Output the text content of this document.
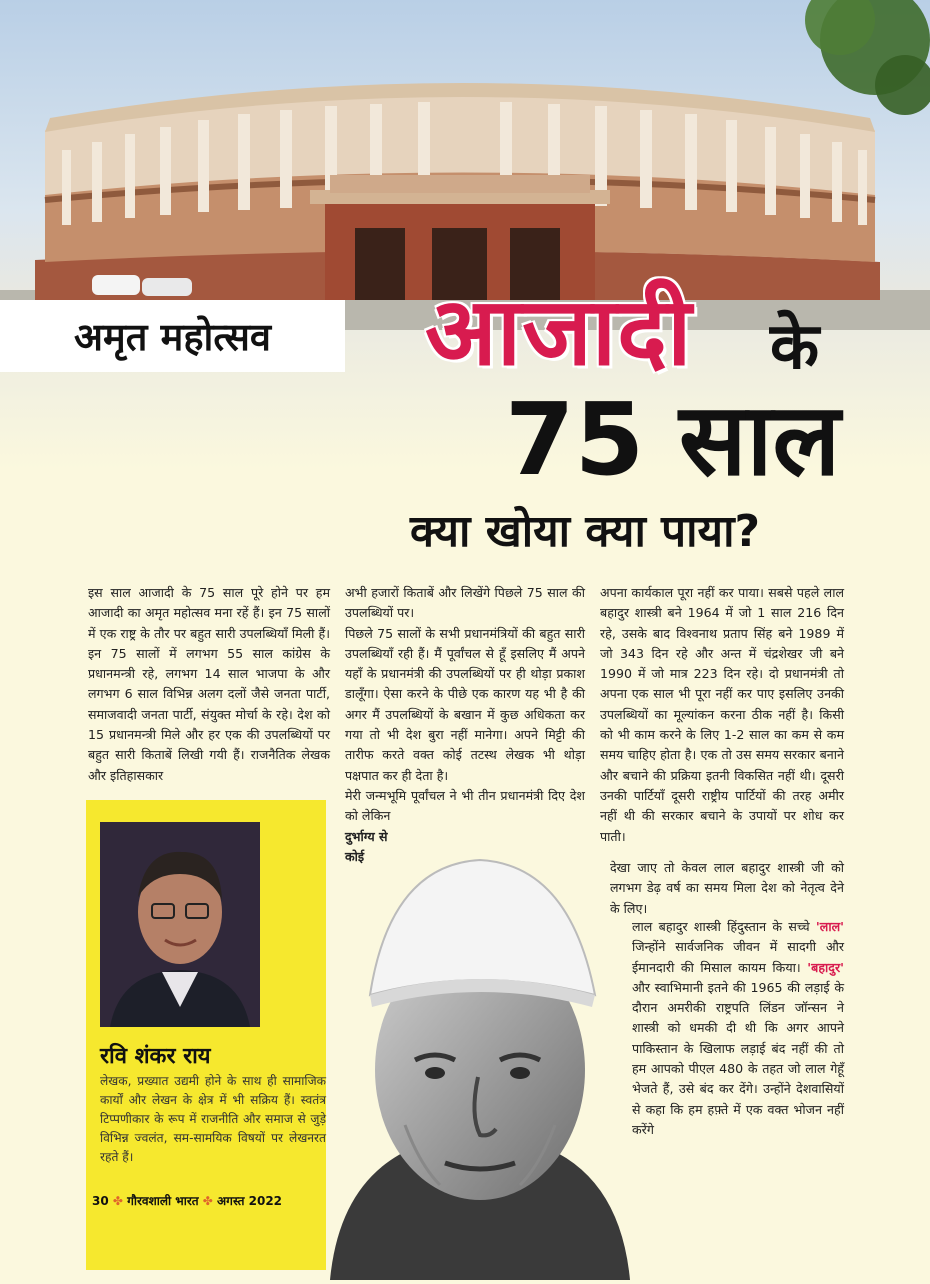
अमृत महोत्सव आजादी के
75 साल
क्या खोया क्या पाया?

इस साल आजादी के 75 साल पूरे होने पर हम आजादी का अमृत महोत्सव मना रहें हैं। इन 75 सालों में एक राष्ट्र के तौर पर बहुत सारी उपलब्धियाँ मिली हैं। इन 75 सालों में लगभग 55 साल कांग्रेस के प्रधानमन्त्री रहे, लगभग 14 साल भाजपा के और लगभग 6 साल विभिन्न अलग दलों जैसे जनता पार्टी, समाजवादी जनता पार्टी, संयुक्त मोर्चा के रहे। देश को 15 प्रधानमन्त्री मिले और हर एक की उपलब्धियों पर बहुत सारी किताबें लिखी गयी हैं। राजनैतिक लेखक और इतिहासकार

अभी हजारों किताबें और लिखेंगे पिछले 75 साल की उपलब्धियों पर।

पिछले 75 सालों के सभी प्रधानमंत्रियों की बहुत सारी उपलब्धियाँ रही हैं। मैं पूर्वांचल से हूँ इसलिए मैं अपने यहाँ के प्रधानमंत्री की उपलब्धियों पर ही थोड़ा प्रकाश डालूँगा। ऐसा करने के पीछे एक कारण यह भी है की अगर मैं उपलब्धियों के बखान में कुछ अधिकता कर गया तो भी देश बुरा नहीं मानेगा। अपने मिट्टी की तारीफ करते वक्त कोई तटस्थ लेखक भी थोड़ा पक्षपात कर ही देता है।

मेरी जन्मभूमि पूर्वांचल ने भी तीन प्रधानमंत्री दिए देश को लेकिन

दुर्भाग्य से

कोई

अपना कार्यकाल पूरा नहीं कर पाया। सबसे पहले लाल बहादुर शास्त्री बने 1964 में जो 1 साल 216 दिन रहे, उसके बाद विश्वनाथ प्रताप सिंह बने 1989 में जो 343 दिन रहे और अन्त में चंद्रशेखर जी बने 1990 में जो मात्र 223 दिन रहे। दो प्रधानमंत्री तो अपना एक साल भी पूरा नहीं कर पाए इसलिए उनकी उपलब्धियों का मूल्यांकन करना ठीक नहीं है। किसी को भी काम करने के लिए 1-2 साल का कम से कम समय चाहिए होता है। एक तो उस समय सरकार बनाने और बचाने की प्रक्रिया इतनी विकसित नहीं थी। दूसरी उनकी पार्टियाँ दूसरी राष्ट्रीय पार्टियों की तरह अमीर नहीं थी की सरकार बचाने के उपायों पर शोध कर पाती।

देखा जाए तो केवल लाल बहादुर शास्त्री जी को लगभग डेढ़ वर्ष का समय मिला देश को नेतृत्व देने के लिए।

लाल बहादुर शास्त्री हिंदुस्तान के सच्चे 'लाल' जिन्होंने सार्वजनिक जीवन में सादगी और ईमानदारी की मिसाल कायम किया। 'बहादुर' और स्वाभिमानी इतने की 1965 की लड़ाई के दौरान अमरीकी राष्ट्रपति लिंडन जॉन्सन ने शास्त्री को धमकी दी थी कि अगर आपने पाकिस्तान के खिलाफ लड़ाई बंद नहीं की तो हम आपको पीएल 480 के तहत जो लाल गेहूँ भेजते हैं, उसे बंद कर देंगे। उन्होंने देशवासियों से कहा कि हम हफ़्ते में एक वक्त भोजन नहीं करेंगे

रवि शंकर राय
लेखक, प्रख्यात उद्यमी होने के साथ ही सामाजिक कार्यों और लेखन के क्षेत्र में भी सक्रिय हैं। स्वतंत्र टिप्पणीकार के रूप में राजनीति और समाज से जुड़े विभिन्न ज्वलंत, सम-सामयिक विषयों पर लेखनरत रहते हैं।
30 ✤ गौरवशाली भारत ✤ अगस्त 2022
